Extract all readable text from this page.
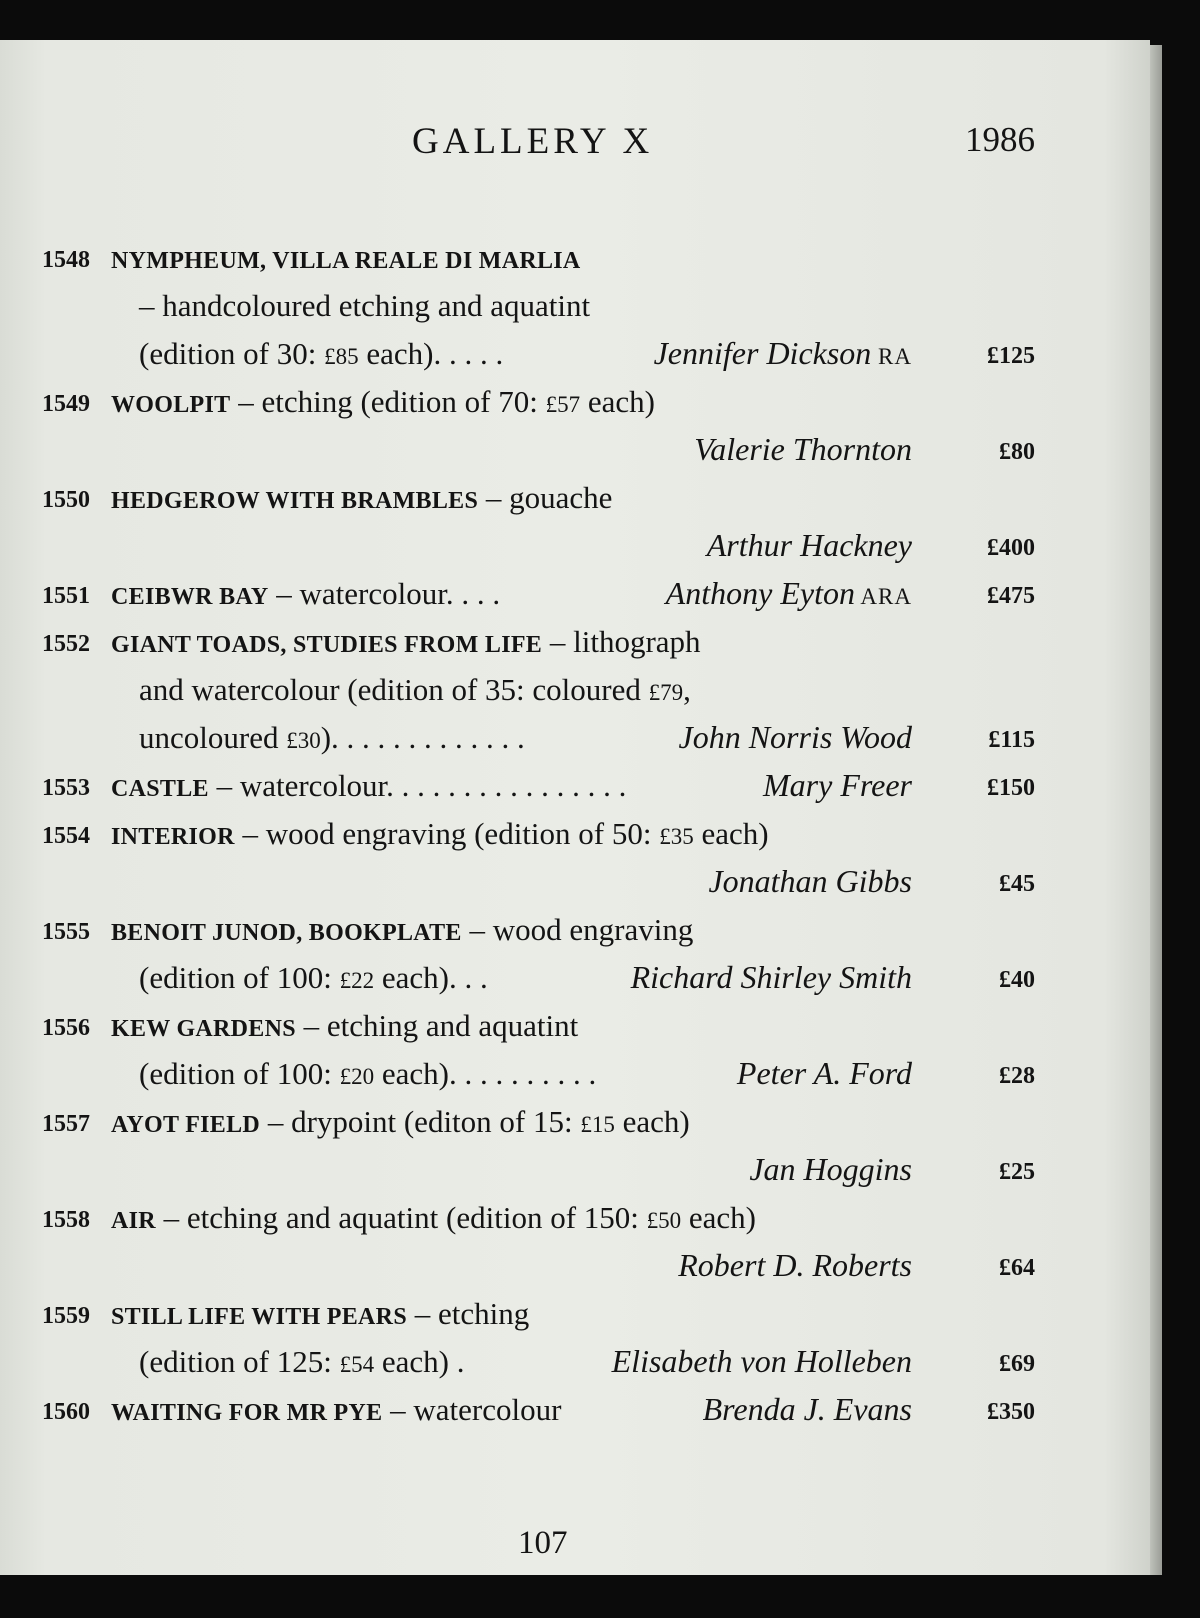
GALLERY X	1986
1548 NYMPHEUM, VILLA REALE DI MARLIA
– handcoloured etching and aquatint
(edition of 30: £85 each). . . . .	Jennifer Dickson RA	£125
1549 WOOLPIT – etching (edition of 70: £57 each)
Valerie Thornton	£80
1550 HEDGEROW WITH BRAMBLES – gouache
Arthur Hackney	£400
1551 CEIBWR BAY – watercolour. . . .	Anthony Eyton ARA	£475
1552 GIANT TOADS, STUDIES FROM LIFE – lithograph
and watercolour (edition of 35: coloured £79,
uncoloured £30). . . . . . . . . . . . .	John Norris Wood	£115
1553 CASTLE – watercolour. . . . . . . . . . . . . . . .	Mary Freer	£150
1554 INTERIOR – wood engraving (edition of 50: £35 each)
Jonathan Gibbs	£45
1555 BENOIT JUNOD, BOOKPLATE – wood engraving
(edition of 100: £22 each). . .	Richard Shirley Smith	£40
1556 KEW GARDENS – etching and aquatint
(edition of 100: £20 each). . . . . . . . . .	Peter A. Ford	£28
1557 AYOT FIELD – drypoint (editon of 15: £15 each)
Jan Hoggins	£25
1558 AIR – etching and aquatint (edition of 150: £50 each)
Robert D. Roberts	£64
1559 STILL LIFE WITH PEARS – etching
(edition of 125: £54 each) .	Elisabeth von Holleben	£69
1560 WAITING FOR MR PYE – watercolour	Brenda J. Evans	£350
107
